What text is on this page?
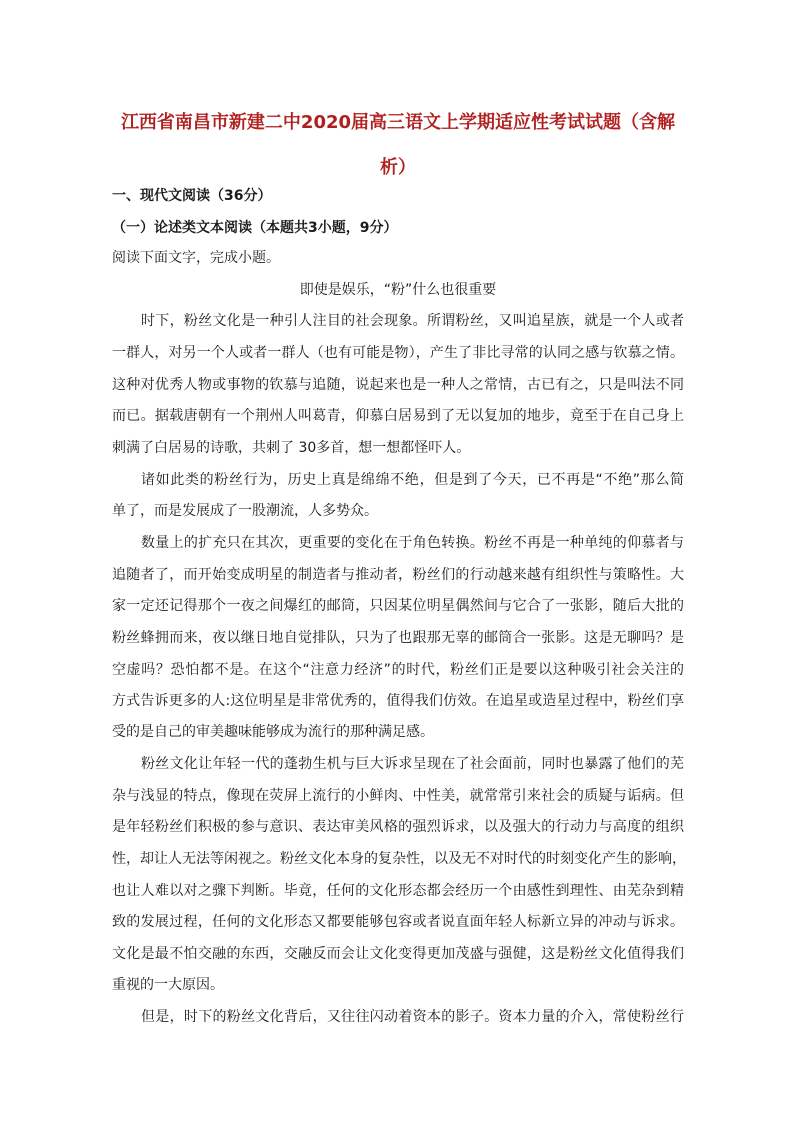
江西省南昌市新建二中2020届高三语文上学期适应性考试试题（含解析）

一、现代文阅读（36分）

（一）论述类文本阅读（本题共3小题，9分）

阅读下面文字，完成小题。

即使是娱乐，“粉”什么也很重要

时下，粉丝文化是一种引人注目的社会现象。所谓粉丝，又叫追星族，就是一个人或者

一群人，对另一个人或者一群人（也有可能是物），产生了非比寻常的认同之感与钦慕之情。

这种对优秀人物或事物的钦慕与追随，说起来也是一种人之常情，古已有之，只是叫法不同

而已。据载唐朝有一个荆州人叫葛青，仰慕白居易到了无以复加的地步，竟至于在自己身上

刺满了白居易的诗歌，共刺了 30多首，想一想都怪吓人。

诸如此类的粉丝行为，历史上真是绵绵不绝，但是到了今天，已不再是“不绝”那么简

单了，而是发展成了一股潮流，人多势众。

数量上的扩充只在其次，更重要的变化在于角色转换。粉丝不再是一种单纯的仰慕者与

追随者了，而开始变成明星的制造者与推动者，粉丝们的行动越来越有组织性与策略性。大

家一定还记得那个一夜之间爆红的邮筒，只因某位明星偶然间与它合了一张影，随后大批的

粉丝蜂拥而来，夜以继日地自觉排队，只为了也跟那无辜的邮筒合一张影。这是无聊吗？是

空虚吗？恐怕都不是。在这个“注意力经济”的时代，粉丝们正是要以这种吸引社会关注的

方式告诉更多的人:这位明星是非常优秀的，值得我们仿效。在追星或造星过程中，粉丝们享

受的是自己的审美趣味能够成为流行的那种满足感。

粉丝文化让年轻一代的蓬勃生机与巨大诉求呈现在了社会面前，同时也暴露了他们的芜

杂与浅显的特点，像现在荧屏上流行的小鲜肉、中性美，就常常引来社会的质疑与诟病。但

是年轻粉丝们积极的参与意识、表达审美风格的强烈诉求，以及强大的行动力与高度的组织

性，却让人无法等闲视之。粉丝文化本身的复杂性，以及无不对时代的时刻变化产生的影响，

也让人难以对之骤下判断。毕竟，任何的文化形态都会经历一个由感性到理性、由芜杂到精

致的发展过程，任何的文化形态又都要能够包容或者说直面年轻人标新立异的冲动与诉求。

文化是最不怕交融的东西，交融反而会让文化变得更加茂盛与强健，这是粉丝文化值得我们

重视的一大原因。

但是，时下的粉丝文化背后，又往往闪动着资本的影子。资本力量的介入，常使粉丝行
